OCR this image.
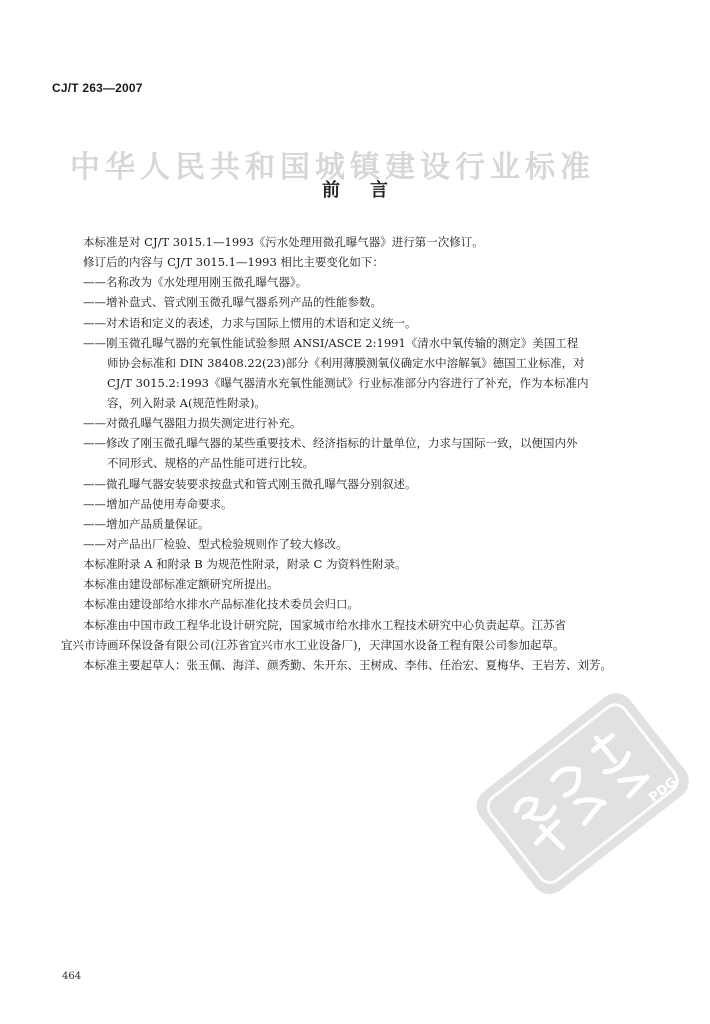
中华人民共和国城镇建设行业标准
CJ/T 263—2007
前言
本标准是对 CJ/T 3015.1—1993《污水处理用微孔曝气器》进行第一次修订。
修订后的内容与 CJ/T 3015.1—1993 相比主要变化如下：
——名称改为《水处理用刚玉微孔曝气器》。
——增补盘式、管式刚玉微孔曝气器系列产品的性能参数。
——对术语和定义的表述，力求与国际上惯用的术语和定义统一。
——刚玉微孔曝气器的充氧性能试验参照 ANSI/ASCE 2:1991《清水中氧传输的测定》美国工程
师协会标准和 DIN 38408.22(23)部分《利用薄膜测氧仪确定水中溶解氧》德国工业标准，对
CJ/T 3015.2:1993《曝气器清水充氧性能测试》行业标准部分内容进行了补充，作为本标准内
容，列入附录 A(规范性附录)。
——对微孔曝气器阻力损失测定进行补充。
——修改了刚玉微孔曝气器的某些重要技术、经济指标的计量单位，力求与国际一致，以便国内外
不同形式、规格的产品性能可进行比较。
——微孔曝气器安装要求按盘式和管式刚玉微孔曝气器分别叙述。
——增加产品使用寿命要求。
——增加产品质量保证。
——对产品出厂检验、型式检验规则作了较大修改。
本标准附录 A 和附录 B 为规范性附录，附录 C 为资料性附录。
本标准由建设部标准定额研究所提出。
本标准由建设部给水排水产品标准化技术委员会归口。
本标准由中国市政工程华北设计研究院，国家城市给水排水工程技术研究中心负责起草。江苏省
宜兴市诗画环保设备有限公司(江苏省宜兴市水工业设备厂)，天津国水设备工程有限公司参加起草。
本标准主要起草人：张玉佩、海洋、颜秀勤、朱开东、王树成、李伟、任治宏、夏梅华、王岩芳、刘芳。
PDG
464
